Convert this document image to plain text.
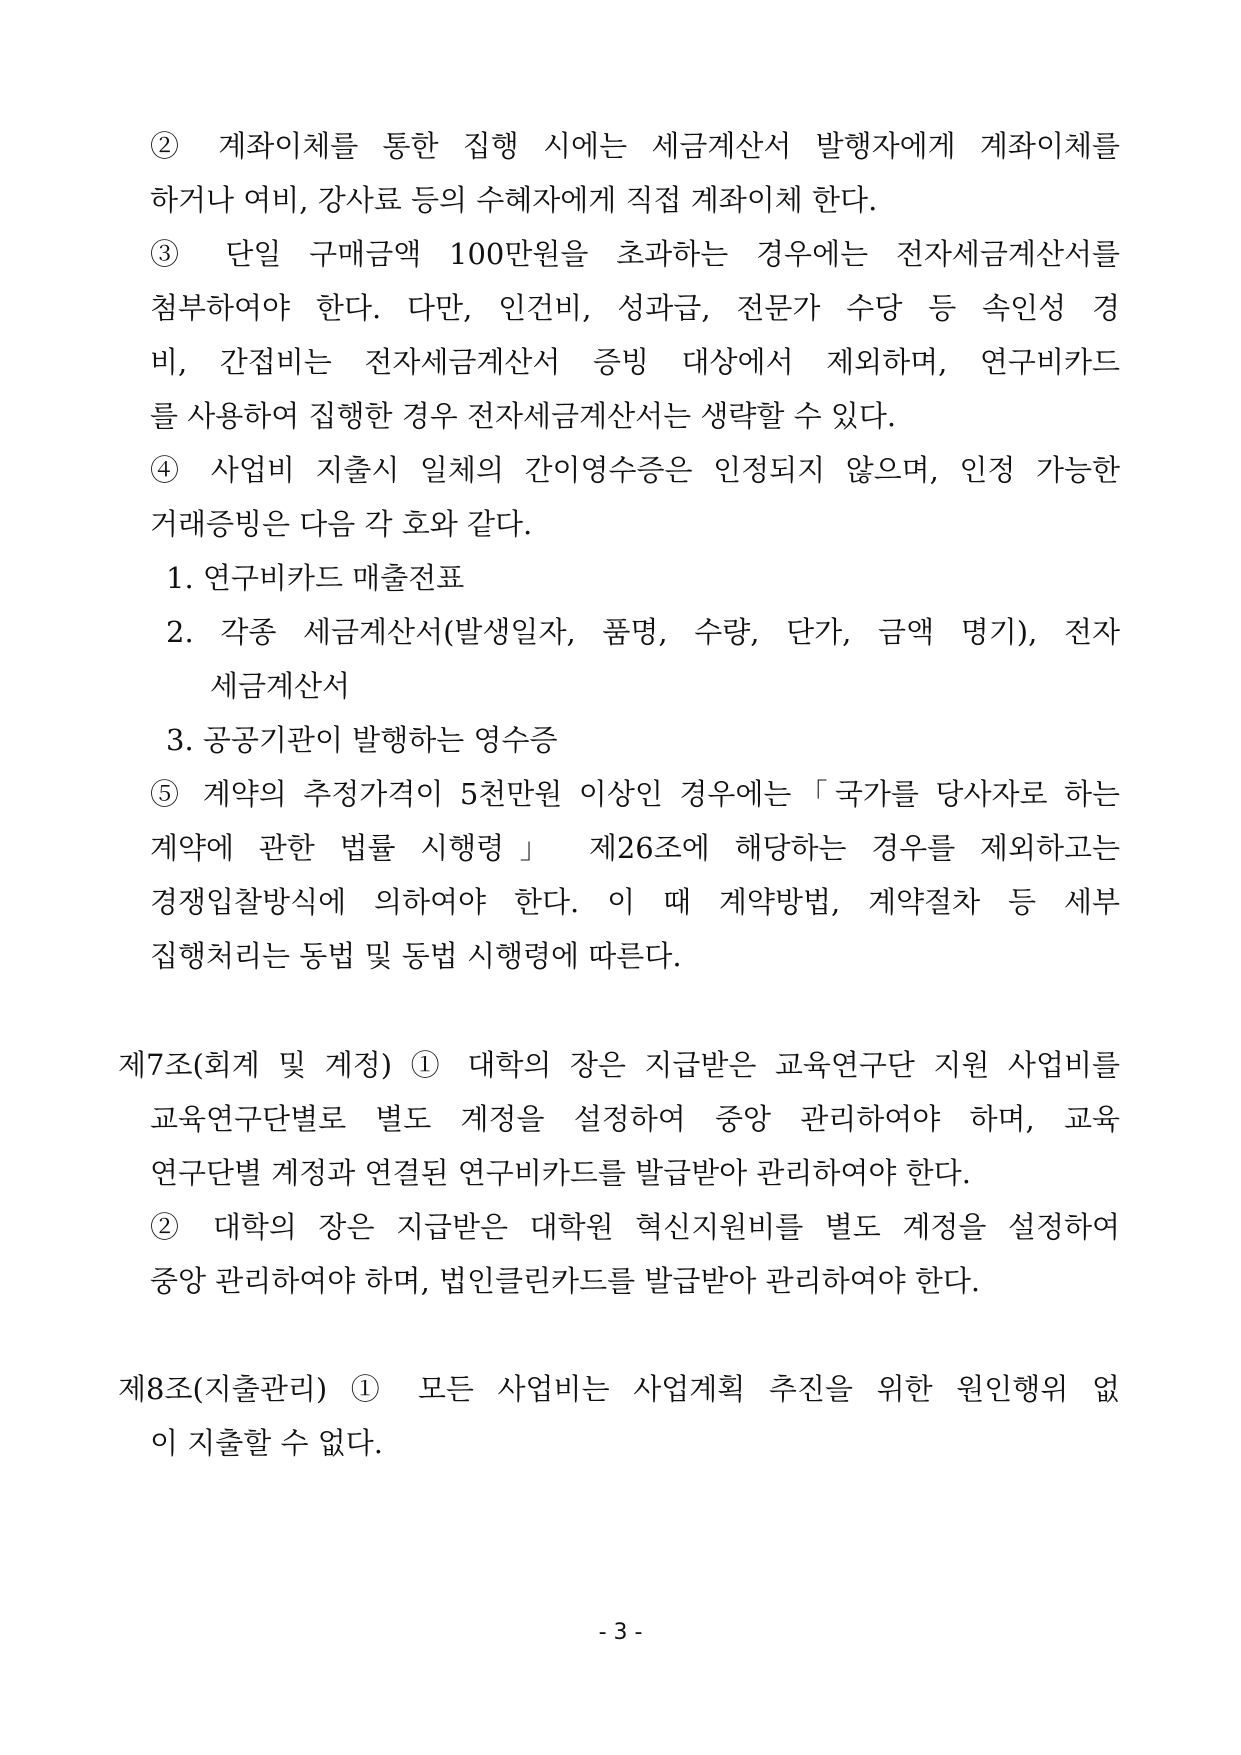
② 계좌이체를 통한 집행 시에는 세금계산서 발행자에게 계좌이체를
하거나 여비, 강사료 등의 수혜자에게 직접 계좌이체 한다.
③ 단일 구매금액 100만원을 초과하는 경우에는 전자세금계산서를
첨부하여야 한다. 다만, 인건비, 성과급, 전문가 수당 등 속인성 경
비, 간접비는 전자세금계산서 증빙 대상에서 제외하며, 연구비카드
를 사용하여 집행한 경우 전자세금계산서는 생략할 수 있다.
④ 사업비 지출시 일체의 간이영수증은 인정되지 않으며, 인정 가능한
거래증빙은 다음 각 호와 같다.
1. 연구비카드 매출전표
2. 각종 세금계산서(발생일자, 품명, 수량, 단가, 금액 명기), 전자
세금계산서
3. 공공기관이 발행하는 영수증
⑤ 계약의 추정가격이 5천만원 이상인 경우에는「국가를 당사자로 하는
계약에 관한 법률 시행령」 제26조에 해당하는 경우를 제외하고는
경쟁입찰방식에 의하여야 한다. 이 때 계약방법, 계약절차 등 세부
집행처리는 동법 및 동법 시행령에 따른다.
제7조(회계 및 계정) ① 대학의 장은 지급받은 교육연구단 지원 사업비를
교육연구단별로 별도 계정을 설정하여 중앙 관리하여야 하며, 교육
연구단별 계정과 연결된 연구비카드를 발급받아 관리하여야 한다.
② 대학의 장은 지급받은 대학원 혁신지원비를 별도 계정을 설정하여
중앙 관리하여야 하며, 법인클린카드를 발급받아 관리하여야 한다.
제8조(지출관리) ① 모든 사업비는 사업계획 추진을 위한 원인행위 없
이 지출할 수 없다.
- 3 -
